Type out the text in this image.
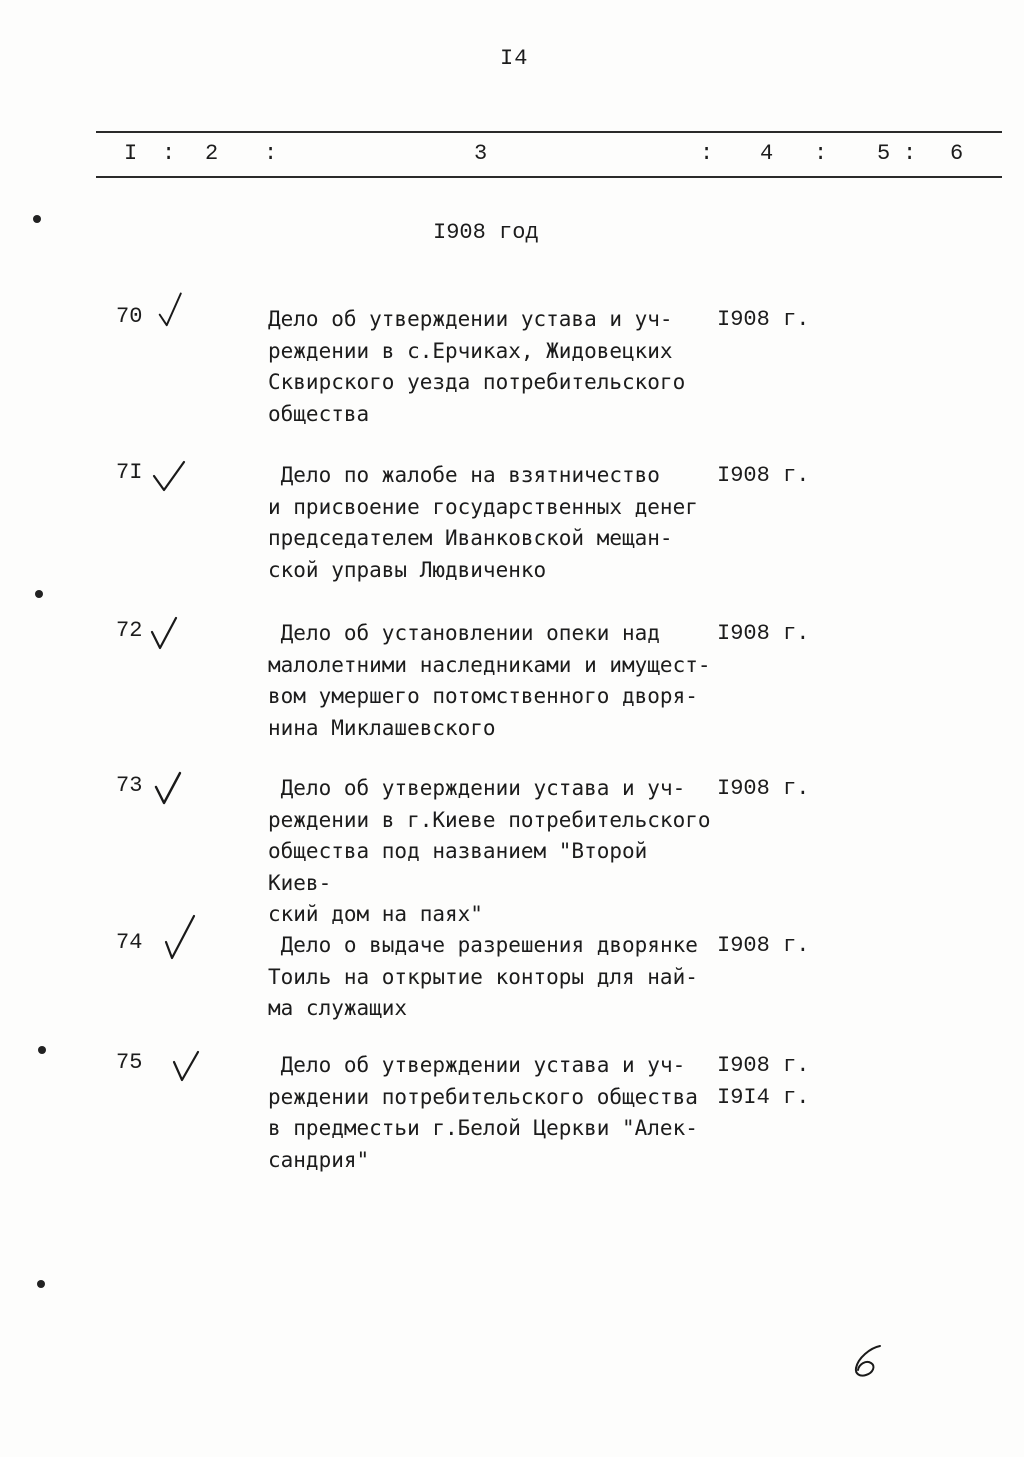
I4
I : 2 :	3	: 4 : 5 : 6
I908 год
70	Дело об утверждении устава и уч-
реждении в с.Ерчиках, Жидовецких
Сквирского уезда потребительского
общества
I908 г.
7I	Дело по жалобе на взятничество
и присвоение государственных денег
председателем Иванковской мещан-
ской управы Людвиченко
I908 г.
72	Дело об установлении опеки над
малолетними наследниками и имущест-
вом умершего потомственного дворя-
нина Миклашевского
I908 г.
73	Дело об утверждении устава и уч-
реждении в г.Киеве потребительского
общества под названием "Второй Киев-
ский дом на паях"
I908 г.
74	Дело о выдаче разрешения дворянке
Тоиль на открытие конторы для най-
ма служащих
I908 г.
75	Дело об утверждении устава и уч-
реждении потребительского общества
в предместьи г.Белой Церкви "Алек-
сандрия"
I908 г.
I9I4 г.
